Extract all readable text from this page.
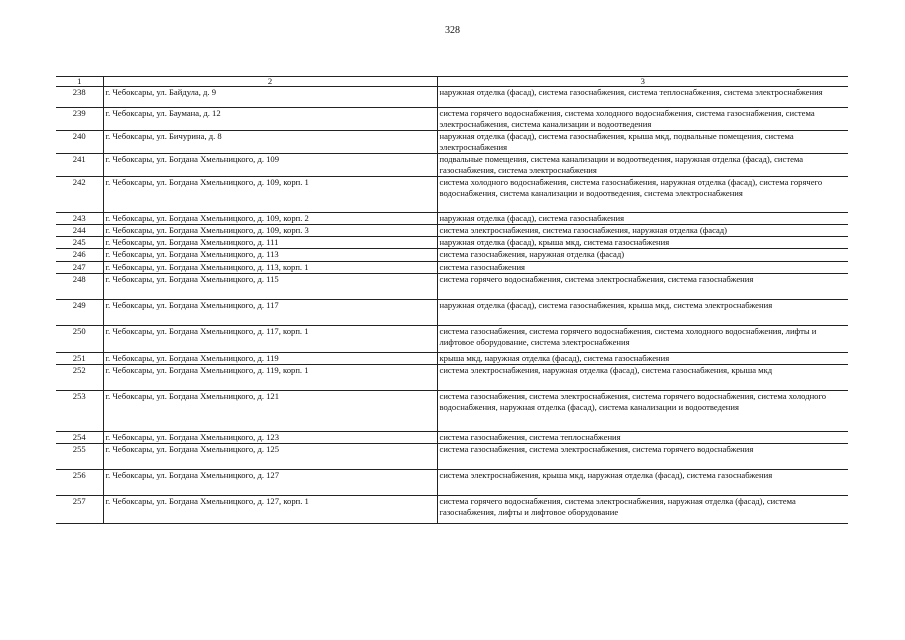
328
1	2	3
238	г. Чебоксары, ул. Байдула, д. 9	наружная отделка (фасад), система газоснабжения, система теплоснабжения, система электроснабжения
239	г. Чебоксары, ул. Баумана, д. 12	система горячего водоснабжения, система холодного водоснабжения, система газоснабжения, система электроснабжения, система канализации и водоотведения
240	г. Чебоксары, ул. Бичурина, д. 8	наружная отделка (фасад), система газоснабжения, крыша мкд, подвальные помещения, система электроснабжения
241	г. Чебоксары, ул. Богдана Хмельницкого, д. 109	подвальные помещения, система канализации и водоотведения, наружная отделка (фасад), система газоснабжения, система электроснабжения
242	г. Чебоксары, ул. Богдана Хмельницкого, д. 109, корп. 1	система холодного водоснабжения, система газоснабжения, наружная отделка (фасад), система горячего водоснабжения, система канализации и водоотведения, система электроснабжения
243	г. Чебоксары, ул. Богдана Хмельницкого, д. 109, корп. 2	наружная отделка (фасад), система газоснабжения
244	г. Чебоксары, ул. Богдана Хмельницкого, д. 109, корп. 3	система электроснабжения, система газоснабжения, наружная отделка (фасад)
245	г. Чебоксары, ул. Богдана Хмельницкого, д. 111	наружная отделка (фасад), крыша мкд, система газоснабжения
246	г. Чебоксары, ул. Богдана Хмельницкого, д. 113	система газоснабжения, наружная отделка (фасад)
247	г. Чебоксары, ул. Богдана Хмельницкого, д. 113, корп. 1	система газоснабжения
248	г. Чебоксары, ул. Богдана Хмельницкого, д. 115	система горячего водоснабжения, система электроснабжения, система газоснабжения
249	г. Чебоксары, ул. Богдана Хмельницкого, д. 117	наружная отделка (фасад), система газоснабжения, крыша мкд, система электроснабжения
250	г. Чебоксары, ул. Богдана Хмельницкого, д. 117, корп. 1	система газоснабжения, система горячего водоснабжения, система холодного водоснабжения, лифты и лифтовое оборудование, система электроснабжения
251	г. Чебоксары, ул. Богдана Хмельницкого, д. 119	крыша мкд, наружная отделка (фасад), система газоснабжения
252	г. Чебоксары, ул. Богдана Хмельницкого, д. 119, корп. 1	система электроснабжения, наружная отделка (фасад), система газоснабжения, крыша мкд
253	г. Чебоксары, ул. Богдана Хмельницкого, д. 121	система газоснабжения, система электроснабжения, система горячего водоснабжения, система холодного водоснабжения, наружная отделка (фасад), система канализации и водоотведения
254	г. Чебоксары, ул. Богдана Хмельницкого, д. 123	система газоснабжения, система теплоснабжения
255	г. Чебоксары, ул. Богдана Хмельницкого, д. 125	система газоснабжения, система электроснабжения, система горячего водоснабжения
256	г. Чебоксары, ул. Богдана Хмельницкого, д. 127	система электроснабжения, крыша мкд, наружная отделка (фасад), система газоснабжения
257	г. Чебоксары, ул. Богдана Хмельницкого, д. 127, корп. 1	система горячего водоснабжения, система электроснабжения, наружная отделка (фасад), система газоснабжения, лифты и лифтовое оборудование
